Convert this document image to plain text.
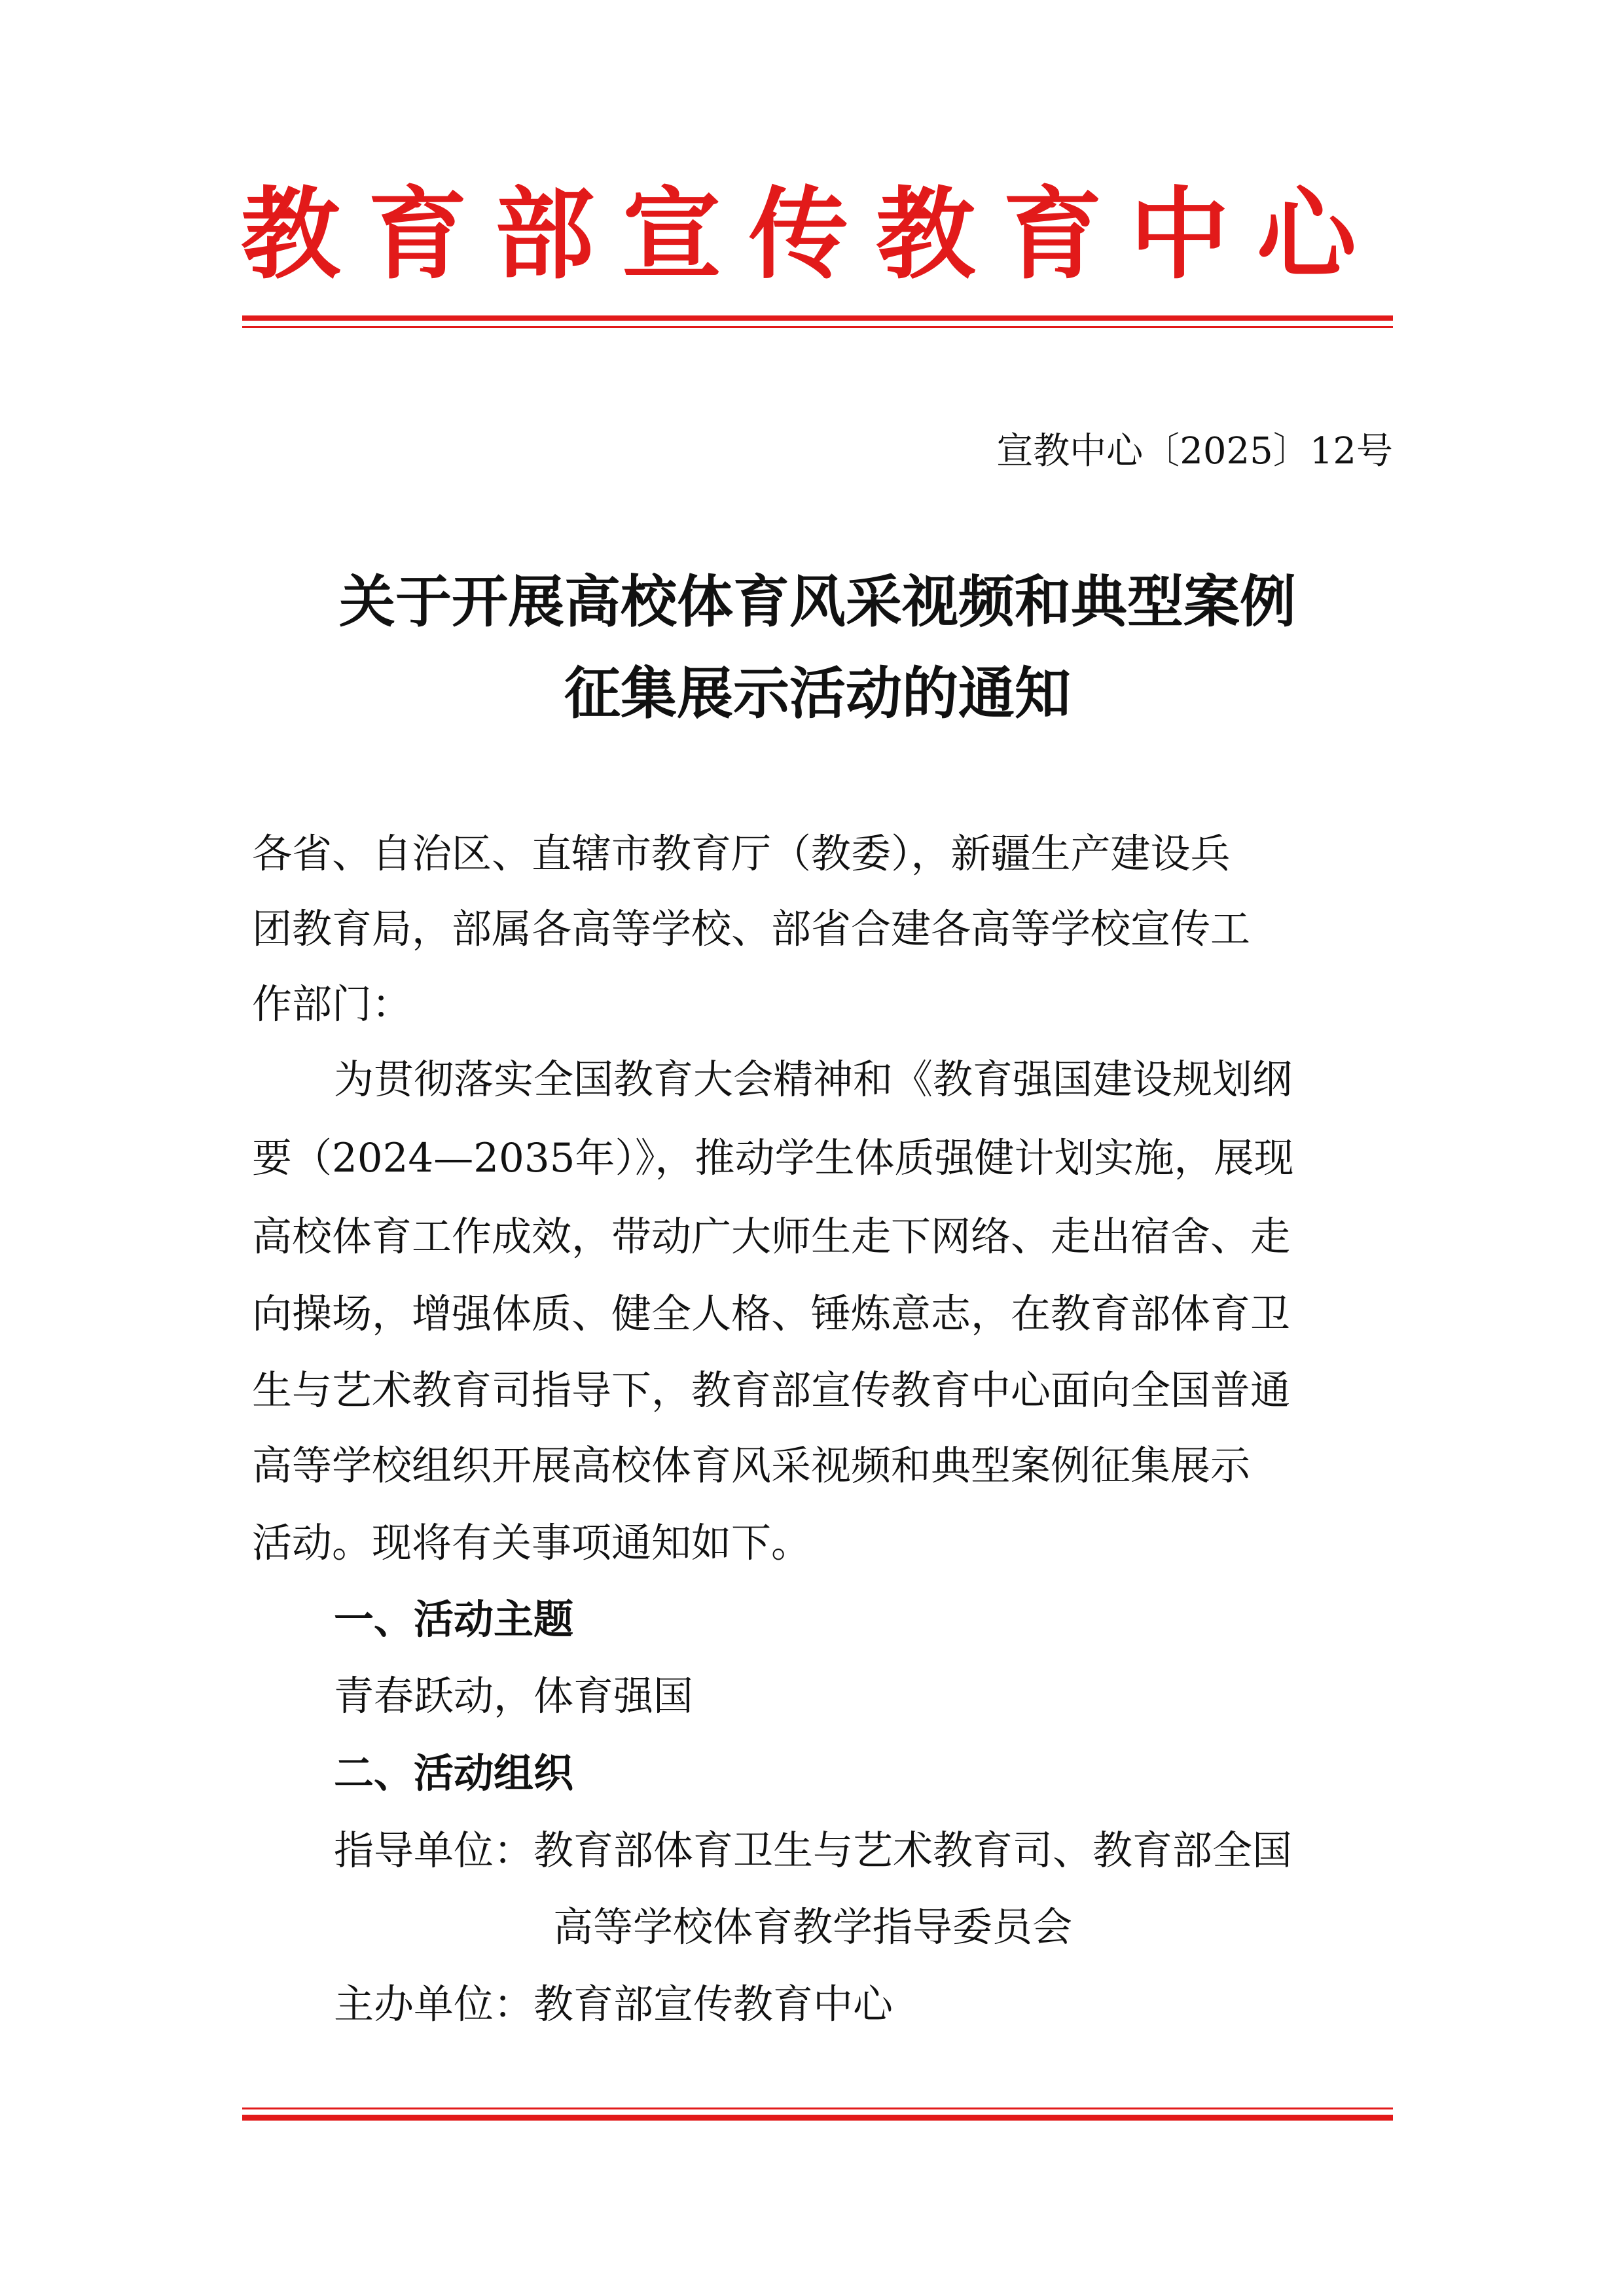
教育部宣传教育中心
宣教中心〔2025〕12号
关于开展高校体育风采视频和典型案例
征集展示活动的通知
各省、自治区、直辖市教育厅（教委），新疆生产建设兵
团教育局，部属各高等学校、部省合建各高等学校宣传工
作部门：
为贯彻落实全国教育大会精神和《教育强国建设规划纲
要（2024—2035年）》，推动学生体质强健计划实施，展现
高校体育工作成效，带动广大师生走下网络、走出宿舍、走
向操场，增强体质、健全人格、锤炼意志，在教育部体育卫
生与艺术教育司指导下，教育部宣传教育中心面向全国普通
高等学校组织开展高校体育风采视频和典型案例征集展示
活动。现将有关事项通知如下。
一、活动主题
青春跃动，体育强国
二、活动组织
指导单位：教育部体育卫生与艺术教育司、教育部全国
高等学校体育教学指导委员会
主办单位：教育部宣传教育中心
